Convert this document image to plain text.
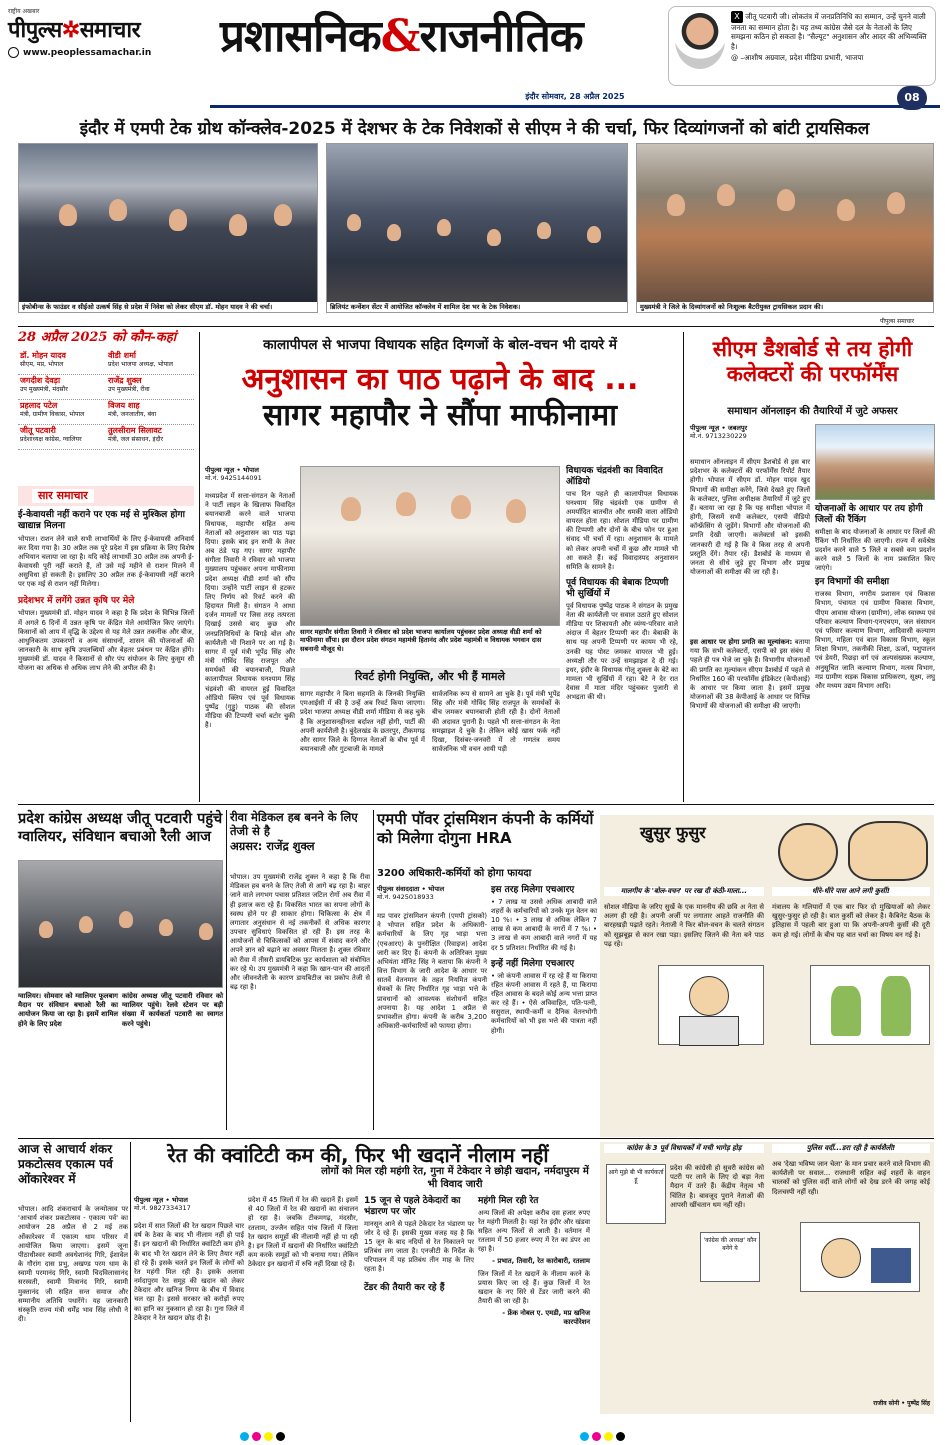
राष्ट्रीय अखबार
पीपुल्स✲समाचार
www.peoplessamachar.in प्रशासनिक&राजनीतिक	X जीतू पटवारी जी। लोकतंत्र में जनप्रतिनिधि का सम्मान, उन्हें चुनने वाली जनता का सम्मान होता है। यह तथ्य कांग्रेस जैसे दल के नेताओं के लिए समझना कठिन हो सकता है। "सैल्यूट" अनुशासन और आदर की अभिव्यक्ति है।
@ –आशीष अग्रवाल, प्रदेश मीडिया प्रभारी, भाजपा
इंदौर सोमवार, 28 अप्रैल 2025	08
इंदौर में एमपी टेक ग्रोथ कॉन्क्लेव-2025 में देशभर के टेक निवेशकों से सीएम ने की चर्चा, फिर दिव्यांगजनों को बांटी ट्रायसिकल
इंफोबीन्स के फाउंडर व सीईओ उत्कर्ष सिंह से प्रदेश में निवेश को लेकर सीएम डॉ. मोहन यादव ने की चर्चा।	ब्रिलियंट कन्वेंशन सेंटर में आयोजित कॉन्क्लेव में शामिल देश भर के टेक निवेशक।	मुख्यमंत्री ने जिले के दिव्यांगजनों को निःशुल्क बैटरीयुक्त ट्रायसिकल प्रदान की।
पीपुल्स समाचार
28 अप्रैल 2025 को कौन-कहां
डॉ. मोहन यादव
सीएम, मप्र, भोपाल
वीडी शर्मा
प्रदेश भाजपा अध्यक्ष, भोपाल
जगदीश देवड़ा
उप मुख्यमंत्री, मंदसौर
राजेंद्र शुक्ल
उप मुख्यमंत्री, रीवा
प्रहलाद पटेल
मंत्री, ग्रामीण विकास, भोपाल
विजय शाह
मंत्री, जनजातीय, बंवा
जीतू पटवारी
प्रदेशाध्यक्ष कांग्रेस, ग्वालियर
तुलसीराम सिलावट
मंत्री, जल संसाधन, इंदौर
सार समाचार
ई-केवायसी नहीं कराने पर एक मई से मुश्किल होगा खाद्यान्न मिलना
भोपाल। राशन लेने वाले सभी लाभार्थियों के लिए ई-केवायसी अनिवार्य कर दिया गया है। 30 अप्रैल तक पूरे प्रदेश में इस प्रक्रिया के लिए विशेष अभियान चलाया जा रहा है। यदि कोई लाभार्थी 30 अप्रैल तक अपनी ई-केवायसी पूरी नहीं कराते हैं, तो उसे मई महीने से राशन मिलने में असुविधा हो सकती है। इसलिए 30 अप्रैल तक ई-केवायसी नहीं कराने पर एक मई से राशन नहीं मिलेगा।
प्रदेशभर में लगेंगे उन्नत कृषि पर मेले
भोपाल। मुख्यमंत्री डॉ. मोहन यादव ने कहा है कि प्रदेश के विभिन्न जिलों में अगले 6 दिनों में उन्नत कृषि पर केंद्रित मेले आयोजित किए जाएंगे। किसानों को आय में वृद्धि के उद्देश्य से यह मेले उन्नत तकनीक और बीज, आधुनिकतम उपकरणों व अन्य संसाधनों, शासन की योजनाओं की जानकारी के साथ कृषि उपलब्धियों और बेहतर प्रबंधन पर केंद्रित होंगे। मुख्यमंत्री डॉ. यादव ने किसानों से सौर पंप संयोजन के लिए कुसुम सी योजना का अधिक से अधिक लाभ लेने की अपील की है।
कालापीपल से भाजपा विधायक सहित दिग्गजों के बोल-वचन भी दायरे में
अनुशासन का पाठ पढ़ाने के बाद ...
सागर महापौर ने सौंपा माफीनामा
पीपुल्स न्यूज़ • भोपाल
मो.नं. 9425144091
मध्यप्रदेश में सत्ता-संगठन के नेताओं ने पार्टी लाइन के खिलाफ विवादित बयानबाजी करने वाले भाजपा विधायक, महापौर सहित अन्य नेताओं को अनुशासन का पाठ पढ़ा दिया। इसके बाद इन सभी के तेवर अब ठंडे पड़ गए। सागर महापौर संगीता तिवारी ने रविवार को भाजपा मुख्यालय पहुंचकर अपना माफीनामा प्रदेश अध्यक्ष वीडी शर्मा को सौंप दिया। उन्होंने पार्टी लाइन से हटकर लिए निर्णय को रिवर्ट करने की हिदायत मिली है। संगठन ने आधा दर्जन मामलों पर जिस तरह तत्परता दिखाई उससे बाद कुछ और जनप्रतिनिधियों के बिगड़े बोल और कार्यशैली भी निशाने पर आ गई है। सागर में पूर्व मंत्री भूपेंद्र सिंह और मंत्री गोविंद सिंह राजपूत और समर्थकों की बयानबाजी, पिछले कालापीपल विधायक घनश्याम सिंह चंद्रवंशी की वायरल हुई विवादित ऑडियो क्लिप एवं पूर्व विधायक पुष्पेंद्र (गुड्डू) पाठक की सोशल मीडिया की टिप्पणी चर्चा बटोर चुकी है।
सागर महापौर संगीता तिवारी ने रविवार को प्रदेश भाजपा कार्यालय पहुंचकर प्रदेश अध्यक्ष वीडी शर्मा को माफीनामा सौंपा। इस दौरान प्रदेश संगठन महामंत्री हितानंद और प्रदेश महामंत्री व विधायक भगवान दास सबनानी मौजूद थे।
विधायक चंद्रवंशी का विवादित ऑडियो
पाच दिन पहले ही कालापीपल विधायक घनश्याम सिंह चंद्रवंशी एक ग्रामीण से अमर्यादित बातचीत और धमकी वाला ऑडियो वायरल होता रहा। सोशल मीडिया पर ग्रामीण की टिप्पणी और दोनों के बीच फोन पर हुआ संवाद भी चर्चा में रहा। अनुशासन के मामले को लेकर अपनी चर्चों में कुछ और मामले भी आ सकते हैं। कई विवादास्पद अनुशासन समिति के सामने है।
पूर्व विधायक की बेबाक टिप्पणी भी सुर्खियों में
पूर्व विधायक पुष्पेंद्र पाठक ने संगठन के प्रमुख नेता की कार्यशैली पर सवाल उठाते हुए सोशल मीडिया पर शिकायती और व्यंग्य-परिवार वाले अंदाज में बेहतर टिप्पणी कर दी। बेबाकी के साथ यह अपनी टिप्पणी पर कायम भी रहे, उनकी यह पोस्ट जमकर वायरल भी हुई। अध्यक्षी तौर पर उन्हें समझाइश दे दी गई। इधर, इंदौर के विधायक गोलू शुक्ला के बेटे का मामला भी सुर्खियों में रहा। बेटे ने देर रात देवास में माता मंदिर पहुंचकर पुजारी से अभद्रता की थी।
रिवर्ट होगी नियुक्ति, और भी हैं मामले
सागर महापौर ने बिना सहमति के जिनकी नियुक्ति एमआईसी में की है उन्हें अब रिवर्ट किया जाएगा। प्रदेश भाजपा अध्यक्ष वीडी शर्मा मीडिया से कह चुके है कि अनुशासनहीनता बर्दाश्त नहीं होगी, पार्टी की अपनी कार्यशैली है। बुंदेलखंड के छतरपुर, टीकमगढ़ और सागर जिले के दिग्गज नेताओं के बीच पूर्व में बयानबाजी और गुटबाजी के मामले
सार्वजनिक रूप से सामने आ चुके है। पूर्व मंत्री भूपेंद्र सिंह और मंत्री गोविंद सिंह राजपूत के समर्थकों के बीच जमकर बयानबाजी होती रही है। दोनों नेताओं की अदावत पुरानी है। पहले भी सत्ता-संगठन के नेता समझाइश दे चुके है। लेकिन कोई खास फर्क नहीं दिखा, दिसंबर-जनवरी में तो गणतंत्र समय सार्वजनिक भी वचन आयी पड़ी
सीएम डैशबोर्ड से तय होगी
कलेक्टरों की परफॉर्मेंस
समाधान ऑनलाइन की तैयारियों में जुटे अफसर
पीपुल्स न्यूज़ • जबलपुर
मो.नं. 9713230229
समाधान ऑनलाइन में सीएम डैशबोर्ड से इस बार प्रदेशभर के कलेक्टरों की परफॉर्मेंस रिपोर्ट तैयार होगी। भोपाल में सीएम डॉ. मोहन यादव खुद विभागों की समीक्षा करेंगे, जिसे देखते हुए जिलों के कलेक्टर, पुलिस अधीक्षक तैयारियों में जुटे हुए हैं। बताया जा रहा है कि यह समीक्षा भोपाल में होगी, जिसमें सभी कलेक्टर, एसपी वीडियो कॉन्फ्रेंसिंग से जुड़ेंगे। विभागों और योजनाओं की प्रगति देखी जाएगी। कलेक्टर्स को इसकी जानकारी दी गई है कि वे किस तरह से अपनी प्रस्तुति देंगे। तैयार रहें। डैशबोर्ड के माध्यम से जनता से सीधे जुड़े हुए विभाग और प्रमुख योजनाओं की समीक्षा की जा रही है।
इस आधार पर होगा प्रगति का मूल्यांकन: बताया गया कि सभी कलेक्टरों, एसपी को इस संबंध में पहले ही पत्र भेजे जा चुके हैं। विभागीय योजनाओं की प्रगति का मूल्यांकन सीएम डैशबोर्ड में पहले से निर्धारित 160 की परफॉर्मेंस इंडिकेटर (केपीआई) के आधार पर किया जाता है। इसमें प्रमुख योजनाओं की 38 केपीआई के आधार पर विभिन्न विभागों की योजनाओं की समीक्षा की जाएगी।
योजनाओं के आधार पर तय होगी जिलों की रैंकिंग
समीक्षा के बाद योजनाओं के आधार पर जिलों की रैंकिंग भी निर्धारित की जाएगी। राज्य में सर्वश्रेष्ठ प्रदर्शन करने वाले 5 जिले व सबसे कम प्रदर्शन करने वाले 5 जिलों के नाम प्रकाशित किए जाएंगे।
इन विभागों की समीक्षा
राजस्व विभाग, नगरीय प्रशासन एवं विकास विभाग, पंचायत एवं ग्रामीण विकास विभाग, पीएम आवास योजना (ग्रामीण), लोक स्वास्थ्य एवं परिवार कल्याण विभाग-एनएचएम, जल संसाधन एवं परिवार कल्याण विभाग, आदिवासी कल्याण विभाग, महिला एवं बाल विकास विभाग, स्कूल शिक्षा विभाग, तकनीकी शिक्षा, ऊर्जा, पशुपालन एवं डेयरी, पिछड़ा वर्ग एवं अल्पसंख्यक कल्याण, अनुसूचित जाति कल्याण विभाग, मत्स्य विभाग, मप्र ग्रामीण सड़क विकास प्राधिकरण, सूक्ष्म, लघु और मध्यम उद्यम विभाग आदि।
प्रदेश कांग्रेस अध्यक्ष जीतू पटवारी पहुंचे ग्वालियर, संविधान बचाओ रैली आज
ग्वालियर। सोमवार को ग्वालियर फूलबाग मैदान पर संविधान बचाओ रैली का आयोजन किया जा रहा है। इसमें शामिल होने के लिए प्रदेश
कांग्रेस अध्यक्ष जीतू पटवारी रविवार को ग्वालियर पहुंचे। रेलवे स्टेशन पर बड़ी संख्या में कार्यकर्ता पटवारी का स्वागत करने पहुंचे।
रीवा मेडिकल हब बनने के लिए तेजी से है
अग्रसर: राजेंद्र शुक्ल
भोपाल। उप मुख्यमंत्री राजेंद्र शुक्ल ने कहा है कि रीवा मेडिकल हब बनने के लिए तेजी से आगे बढ़ रहा है। बाहर जाने वाले लगभग पचास प्रतिशत जटिल रोगों अब रीवा में ही इलाज करा रहे हैं। विकसित भारत का सपना लोगों के स्वस्थ होने पर ही साकार होगा। चिकित्सा के क्षेत्र में लगातार अनुसंधान से नई तकनीकों से अधिक कारगर उपचार सुविधाएं विकसित हो रही हैं। इस तरह के आयोजनों से चिकित्सकों को आपस में संवाद करने और अपने ज्ञान को बढ़ाने का अवसर मिलता है। शुक्ल रविवार को रीवा में तीसरी डायबिटिक फुट कार्यशाला को संबोधित कर रहे थे। उप मुख्यमंत्री ने कहा कि खान-पान की आदतों और जीवनशैली के कारण डायबिटीज का प्रकोप तेजी से बढ़ रहा है।
एमपी पॉवर ट्रांसमिशन कंपनी के कर्मियों को मिलेगा दोगुना HRA
3200 अधिकारी-कर्मियों को होगा फायदा
पीपुल्स संवाददाता • भोपाल
मो.नं. 9425018933
मप्र पावर ट्रांसमिशन कंपनी (एमपी ट्रांसको) ने भोपाल सहित प्रदेश के अधिकारी-कर्मचारियों के लिए गृह भाड़ा भत्ता (एचआरए) के पुनरीक्षित (रिवाइज) आदेश जारी कर दिए हैं। कंपनी के अतिरिक्त मुख्य अभियंता मॉनिट सिंह ने बताया कि कंपनी ने वित्त विभाग के जारी आदेश के आधार पर सातवें वेतनमान के तहत नियमित कंपनी सेवकों के लिए निर्धारित गृह भाड़ा भत्ते के प्रावधानों को आवश्यक संशोधनों सहित अपनाया है। यह आदेश 1 अप्रैल से प्रभावशील होगा। कंपनी के करीब 3,200 अधिकारी-कर्मचारियों को फायदा होगा।
इस तरह मिलेगा एचआरए
• 7 लाख या उससे अधिक आबादी वाले शहरों के कर्मचारियों को उनके मूल वेतन का 10 %। • 3 लाख से अधिक लेकिन 7 लाख से कम आबादी के नगरों में 7 %। • 3 लाख से कम आबादी वाले नगरों में यह दर 5 प्रतिशत। निर्धारित की गई है।
इन्हें नहीं मिलेगा एचआरए
• जो कंपनी आवास में रह रहे हैं या किराया रहित कंपनी आवास में रहते हैं, या किराया रहित आवास के बदले कोई अन्य भत्ता प्राप्त कर रहे हैं। • ऐसे अविवाहित, पति-पत्नी, ससुराल, स्थायी-कर्मी व दैनिक वेतनभोगी कर्मचारियों को भी इस भत्ते की पात्रता नहीं होगी।
खुसुर फुसुर
मालगीय के 'बोल-वचन' पर रख दी कंठी-माला...
सोशल मीडिया के जरिए सुर्खे के एक माननीय की छवि अ नेता से अलग ही रही है। अपनी अर्जी पर लगातार आहते राजनीति की बारहखड़ी पढ़ाते रहते। नेताजी ने फिर बोल-वचन के चलते संगठन को सूझबूझ से कान रखा पड़ा। इसलिए जितने की नेता बने पाठ पढ़ रहे।
धीरे-धीरे पास आने लगी कुर्सी!
मंत्रालय के गलियारों में एक बार फिर दो मुखियाओं को लेकर खुसुर-फुसुर हो रही है। बात कुर्सी को लेकर है। कैबिनेट बैठक के इतिहास में पहली बार हुआ या कि अपनी-अपनी कुर्सी की दूरी कम हो गई। लोगों के बीच यह बात चर्चा का विषय बन गई है।
आज से आचार्य शंकर प्रकटोत्सव एकात्म पर्व ओंकारेश्वर में
भोपाल। आदि शंकराचार्य के जन्मोत्सव पर 'आचार्य शंकर प्रकटोत्सव - एकात्म पर्व' का आयोजन 28 अप्रैल से 2 मई तक ओंकारेश्वर में एकात्म धाम परिसर में आयोजित किया जाएगा। इसमें जूना पीठाधीश्वर स्वामी अवधेशानंद गिरि, ईशावेल के गौरांग दास प्रभु, अखण्ड परम धाम के स्वामी परमानंद गिरि, स्वामी चिदविलासानंद सरस्वती, स्वामी मित्रानंद गिरि, स्वामी मुक्तानंद जी सहित सन्त समाज और सम्मानीय अतिथि पधारेंगे। यह जानकारी संस्कृति राज्य मंत्री धर्मेंद्र भाव सिंह लोधी ने दी।
रेत की क्वांटिटी कम की, फिर भी खदानें नीलाम नहीं
पीपुल्स न्यूज़ • भोपाल
मो.नं. 9827334317
लोगों को मिल रही महंगी रेत, गुना में टेकेदार ने छोड़ी खदान, नर्मदापुरम में भी विवाद जारी
प्रदेश में सात जिलों की रेत खदान पिछले चार वर्ष के ठेका के बाद भी नीलाम नहीं हो पाई हैं। इन खदानों की निर्धारित क्वांटिटी कम होने के बाद भी रेत खदान लेने के लिए तैयार नहीं हो रहे हैं। इसके चलते इन जिलों के लोगों को रेत महंगी मिल रही है। इसके अलावा नर्मदापुरम रेत समूह की खदान को लेकर टेकेदार और खनिज निगम के बीच में विवाद चल रहा है। इससे सरकार को करोड़ों रुपए का हानि का नुकसान हो रहा है। गुना जिले में टेकेदार ने रेत खदान छोड़ दी है।
प्रदेश में 45 जिलों में रेत की खदानें हैं। इसमें से 40 जिलों में रेत की खदानों का संचालन हो रहा है। जबकि टीकमगढ़, मंदसौर, रतलाम, उज्जैन सहित पांच जिलों में जिला रेत खदान समूहों की नीलामी नहीं हो पा रही है। इन जिलों में खदानों की निर्धारित क्वांटिटी कम करके समूहों को भी बनाया गया। लेकिन ठेकेदार इन खदानों में रुचि नहीं दिखा रहे हैं।
15 जून से पहले ठेकेदारों का भंडारण पर जोर
मानसून आने से पहले टेकेदार रेत भंडारण पर जोर दे रहे हैं। इसकी मुख्य वजह यह है कि 15 जून के बाद नदियों से रेत निकालने पर प्रतिबंध लग जाता है। एनजीटी के निर्देश के परिपालन में यह प्रतिबंध तीन माह के लिए रहता है।
टेंडर की तैयारी कर रहे हैं
महंगी मिल रही रेत
अन्य जिलों की अपेक्षा करीब दस हजार रुपए रेत महंगी मिलती है। यहां रेत इंदौर और खंडवा सहित अन्य जिलों से आती है। वर्तमान में रतलाम में 50 हजार रुपए में रेत का डंपर आ रहा है।
- प्रभात, तिवारी, रेत कारोबारी, रतलाम
जिन जिलों में रेत खदानें के नीलाम करने के प्रयास किए जा रहे हैं। कुछ जिलों में रेत खदान के नए सिरे से टेंडर जारी करने की तैयारी की जा रही है।
- फ्रेंक नोबल ए. एमडी, मप्र खनिज कारपोरेशन
कांग्रेस के 3 पूर्व विधायकों में मची भागेड़ होड़
आगे मुझे बी भी कार्यकर्ता हूं
प्रदेश की कांग्रेसी हो सुवरी कांग्रेस को पटरी पर लाने के लिए दो बड़ा नेता मैदान में उतरे हैं। केंद्रीय नेतृत्व भी चिंतित है। बावजूद पुराने नेताओं की आपसी खींचतान थम नहीं रही।
'कांग्रेस की अध्यक्ष' कौन बनेंगे ये
पुलिस वर्दी...डरा रही है कार्यशैली!
अब 'देखा भविष्य जान चेला' के मान प्रचार करने वाले विभाग की कार्यशैली पर सवाल... राजधानी सहित कई शहरों के वाहन चालकों को पुलिस वर्दी वाले लोगों को देख डरने की जगह कोई दिलचस्पी नहीं रही।
राजीव सोनी • पुष्पेंद्र सिंह
